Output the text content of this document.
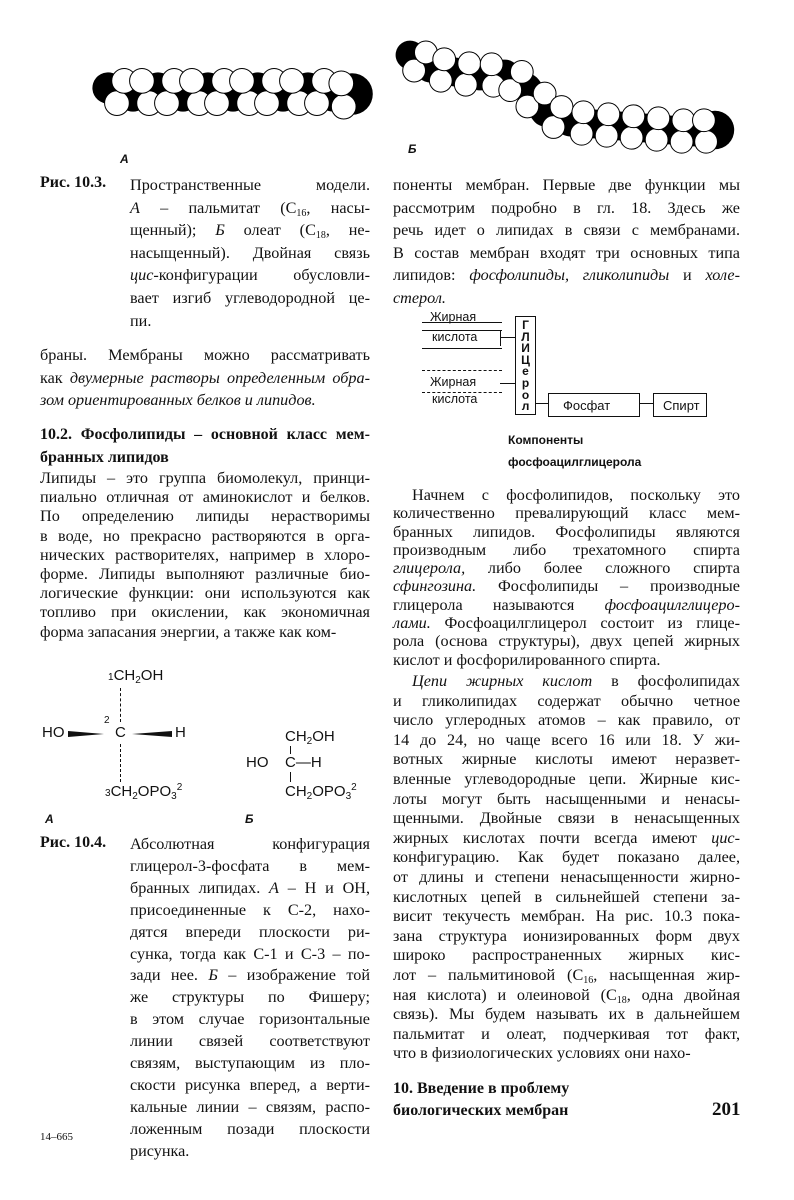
А
Б
Рис. 10.3. Пространственные модели.
А – пальмитат ($C_{16}$, насы-
щенный); Б олеат ($C_{18}$, не-
насыщенный). Двойная связь
цис-конфигурации обусловли-
вает изгиб углеводородной це-
пи.
браны. Мембраны можно рассматривать
как двумерные растворы определенным обра-
зом ориентированных белков и липидов.
10.2. Фосфолипиды – основной класс мем-
бранных липидов
Липиды – это группа биомолекул, принци-
пиально отличная от аминокислот и белков.
По определению липиды нерастворимы
в воде, но прекрасно растворяются в орга-
нических растворителях, например в хлоро-
форме. Липиды выполняют различные био-
логические функции: они используются как
топливо при окислении, как экономичная
форма запасания энергии, а также как ком-
$1CH_2OH$
HO
2
C	H
$3CH_2OPO_3^2$
$CH_2OH$
HO C—H
$CH_2OPO_3^2$
А	Б
Рис. 10.4. Абсолютная конфигурация
глицерол-3-фосфата в мем-
бранных липидах. А – H и OH,
присоединенные к С-2, нахо-
дятся впереди плоскости ри-
сунка, тогда как С-1 и С-3 – по-
зади нее. Б – изображение той
же структуры по Фишеру;
в этом случае горизонтальные
линии связей соответствуют
связям, выступающим из пло-
скости рисунка вперед, а верти-
кальные линии – связям, распо-
ложенным позади плоскости
рисунка.
14–665
поненты мембран. Первые две функции мы
рассмотрим подробно в гл. 18. Здесь же
речь идет о липидах в связи с мембранами.
В состав мембран входят три основных типа
липидов: фосфолипиды, гликолипиды и холе-
стерол.
Жирная
кислота
Жирная
кислота
Г
Л
И
Ц
е
р
о
л	Фосфат	Спирт
Компоненты
фосфоацилглицерола
Начнем с фосфолипидов, поскольку это
количественно превалирующий класс мем-
бранных липидов. Фосфолипиды являются
производным либо трехатомного спирта
глицерола, либо более сложного спирта
сфингозина. Фосфолипиды – производные
глицерола называются фосфоацилглицеро-
лами. Фосфоацилглицерол состоит из глице-
рола (основа структуры), двух цепей жирных
кислот и фосфорилированного спирта.
Цепи жирных кислот в фосфолипидах
и гликолипидах содержат обычно четное
число углеродных атомов – как правило, от
14 до 24, но чаще всего 16 или 18. У жи-
вотных жирные кислоты имеют неразвет-
вленные углеводородные цепи. Жирные кис-
лоты могут быть насыщенными и ненасы-
щенными. Двойные связи в ненасыщенных
жирных кислотах почти всегда имеют цис-
конфигурацию. Как будет показано далее,
от длины и степени ненасыщенности жирно-
кислотных цепей в сильнейшей степени за-
висит текучесть мембран. На рис. 10.3 пока-
зана структура ионизированных форм двух
широко распространенных жирных кис-
лот – пальмитиновой ($C_{16}$, насыщенная жир-
ная кислота) и олеиновой ($C_{18}$, одна двойная
связь). Мы будем называть их в дальнейшем
пальмитат и олеат, подчеркивая тот факт,
что в физиологических условиях они нахо-
10. Введение в проблему
биологических мембран	201
